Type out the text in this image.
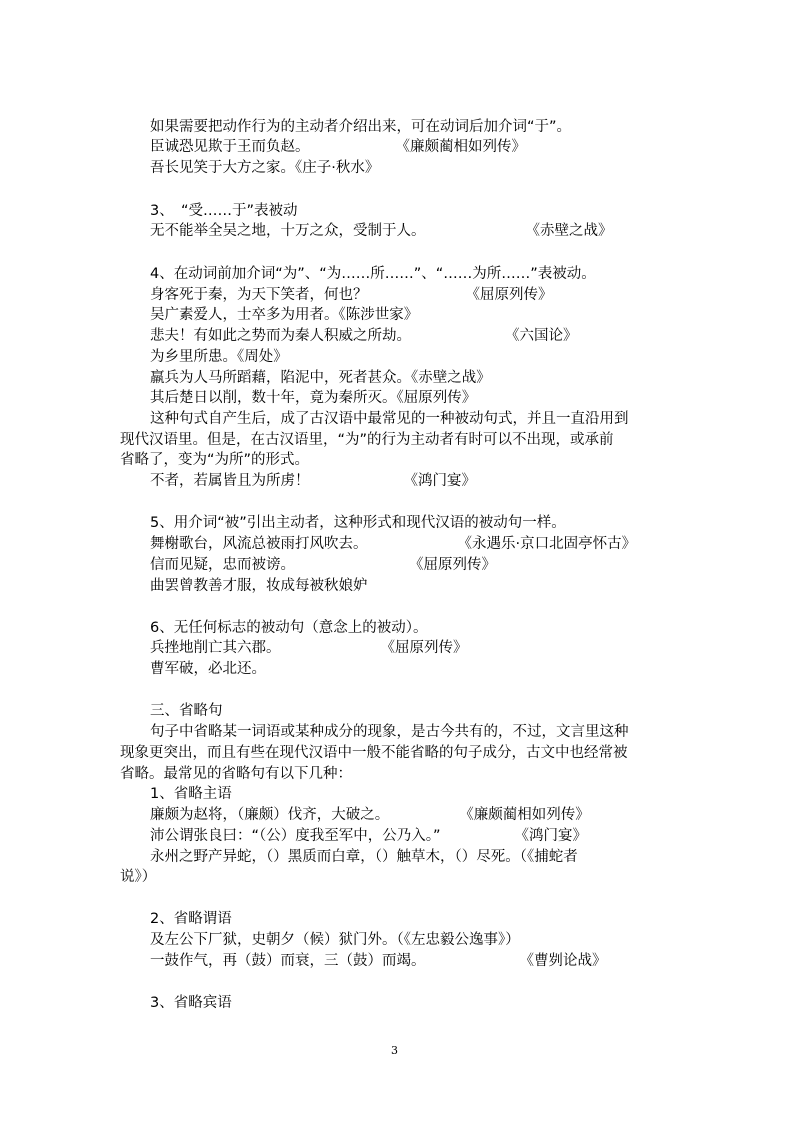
如果需要把动作行为的主动者介绍出来，可在动词后加介词“于”。
臣诚恐见欺于王而负赵。	《廉颇蔺相如列传》
吾长见笑于大方之家。《庄子·秋水》
3、　“受……于”表被动
无不能举全吴之地，十万之众，受制于人。	《赤壁之战》
4、在动词前加介词“为”、“为……所……”、“……为所……”表被动。
身客死于秦，为天下笑者，何也？	《屈原列传》
吴广素爱人，士卒多为用者。《陈涉世家》
悲夫！有如此之势而为秦人积威之所劫。	《六国论》
为乡里所患。《周处》
羸兵为人马所蹈藉，陷泥中，死者甚众。《赤壁之战》
其后楚日以削，数十年，竟为秦所灭。《屈原列传》
这种句式自产生后，成了古汉语中最常见的一种被动句式，并且一直沿用到
现代汉语里。但是，在古汉语里，“为”的行为主动者有时可以不出现，或承前
省略了，变为“为所”的形式。
不者，若属皆且为所虏！	《鸿门宴》
5、用介词“被”引出主动者，这种形式和现代汉语的被动句一样。
舞榭歌台，风流总被雨打风吹去。	《永遇乐·京口北固亭怀古》
信而见疑，忠而被谤。	《屈原列传》
曲罢曾教善才服，妆成每被秋娘妒
6、无任何标志的被动句（意念上的被动）。
兵挫地削亡其六郡。	《屈原列传》
曹军破，必北还。
三、省略句
句子中省略某一词语或某种成分的现象，是古今共有的，不过，文言里这种
现象更突出，而且有些在现代汉语中一般不能省略的句子成分，古文中也经常被
省略。最常见的省略句有以下几种：
1、省略主语
廉颇为赵将，（廉颇）伐齐，大破之。	《廉颇蔺相如列传》
沛公谓张良曰：“（公）度我至军中，公乃入。”	《鸿门宴》
永州之野产异蛇，（）黑质而白章，（）触草木，（）尽死。（《捕蛇者
说》）
2、省略谓语
及左公下厂狱，史朝夕（候）狱门外。（《左忠毅公逸事》）
一鼓作气，再（鼓）而衰，三（鼓）而竭。	《曹刿论战》
3、省略宾语
3
